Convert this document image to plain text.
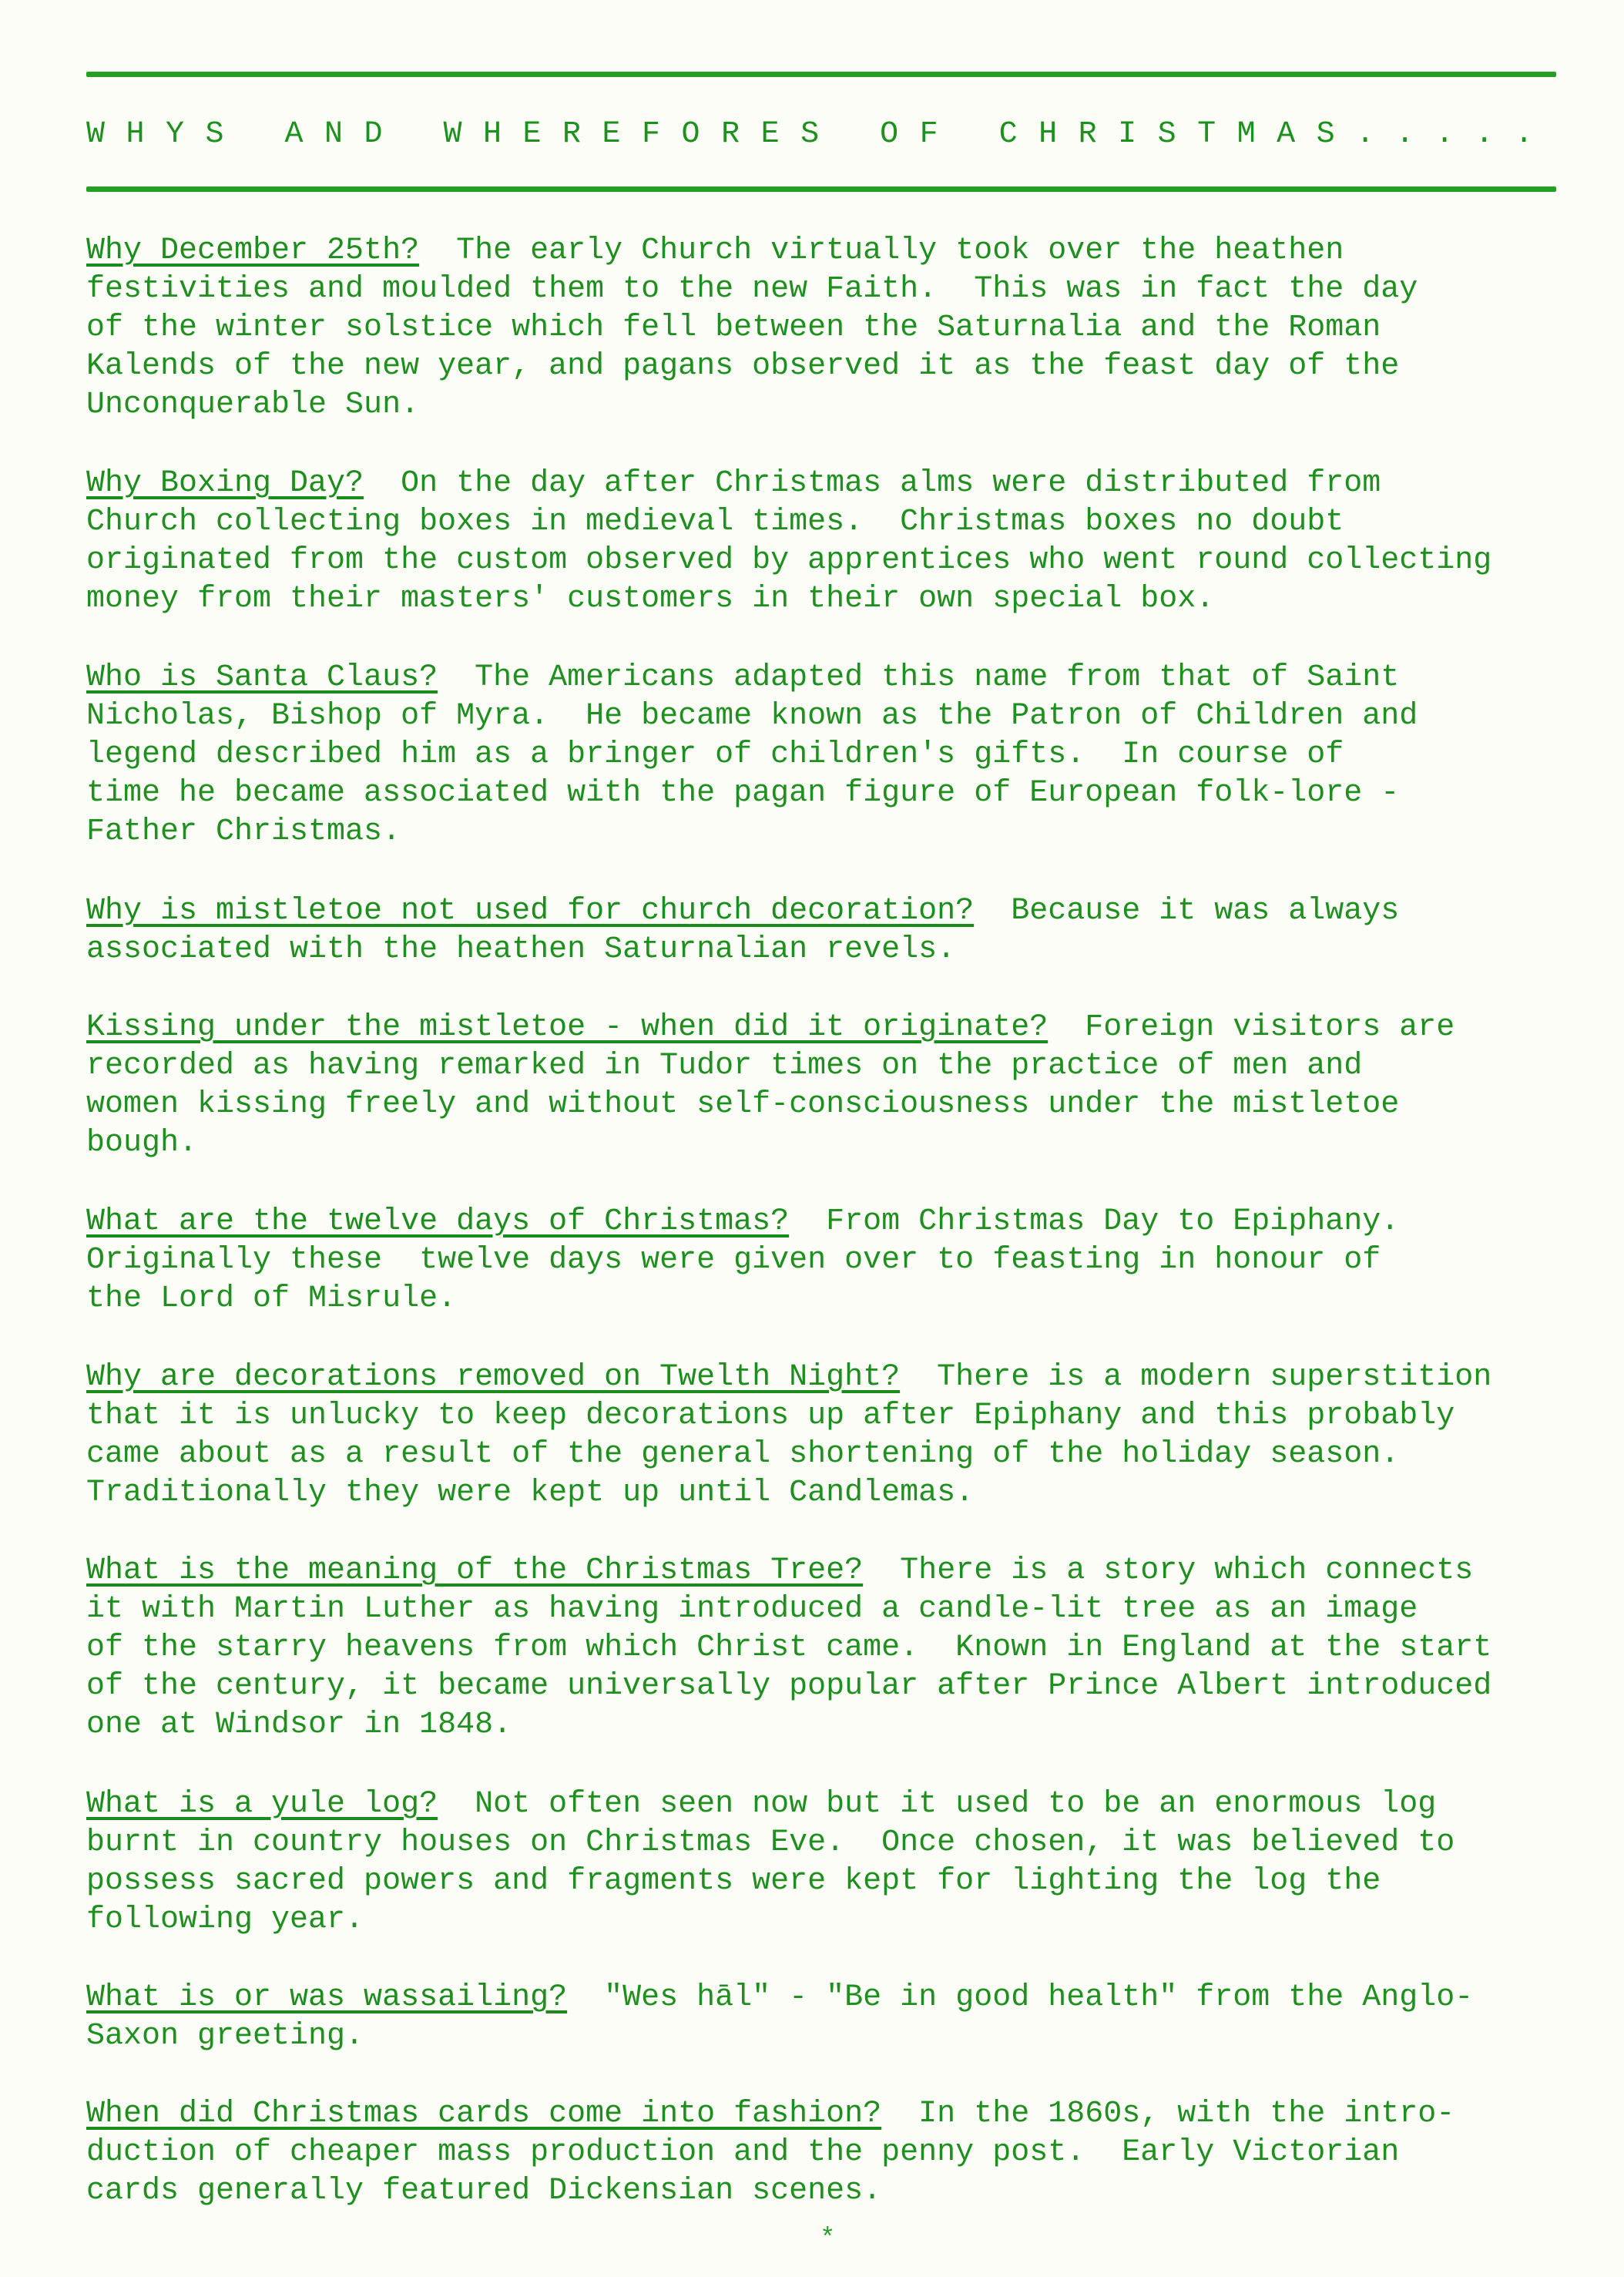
WHYS AND WHEREFORES OF CHRISTMAS.....
Why December 25th?  The early Church virtually took over the heathen
festivities and moulded them to the new Faith.  This was in fact the day
of the winter solstice which fell between the Saturnalia and the Roman
Kalends of the new year, and pagans observed it as the feast day of the
Unconquerable Sun.
Why Boxing Day?  On the day after Christmas alms were distributed from
Church collecting boxes in medieval times.  Christmas boxes no doubt
originated from the custom observed by apprentices who went round collecting
money from their masters' customers in their own special box.
Who is Santa Claus?  The Americans adapted this name from that of Saint
Nicholas, Bishop of Myra.  He became known as the Patron of Children and
legend described him as a bringer of children's gifts.  In course of
time he became associated with the pagan figure of European folk-lore -
Father Christmas.
Why is mistletoe not used for church decoration?  Because it was always
associated with the heathen Saturnalian revels.
Kissing under the mistletoe - when did it originate?  Foreign visitors are
recorded as having remarked in Tudor times on the practice of men and
women kissing freely and without self-consciousness under the mistletoe
bough.
What are the twelve days of Christmas?  From Christmas Day to Epiphany.
Originally these  twelve days were given over to feasting in honour of
the Lord of Misrule.
Why are decorations removed on Twelth Night?  There is a modern superstition
that it is unlucky to keep decorations up after Epiphany and this probably
came about as a result of the general shortening of the holiday season.
Traditionally they were kept up until Candlemas.
What is the meaning of the Christmas Tree?  There is a story which connects
it with Martin Luther as having introduced a candle-lit tree as an image
of the starry heavens from which Christ came.  Known in England at the start
of the century, it became universally popular after Prince Albert introduced
one at Windsor in 1848.
What is a yule log?  Not often seen now but it used to be an enormous log
burnt in country houses on Christmas Eve.  Once chosen, it was believed to
possess sacred powers and fragments were kept for lighting the log the
following year.
What is or was wassailing?  "Wes hāl" - "Be in good health" from the Anglo-
Saxon greeting.
When did Christmas cards come into fashion?  In the 1860s, with the intro-
duction of cheaper mass production and the penny post.  Early Victorian
cards generally featured Dickensian scenes.
*
